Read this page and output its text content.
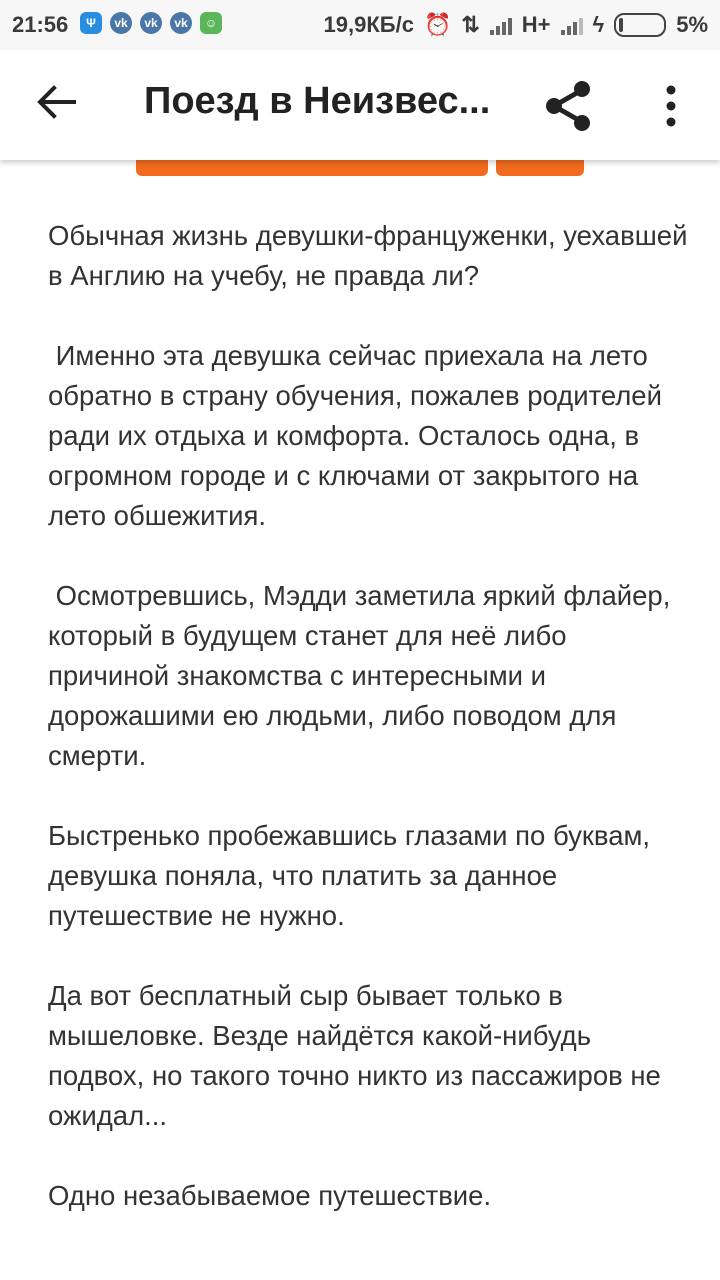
21:56	Ψ	vk	vk	vk	☺	19,9КБ/с ⏰ ⇅ H+ ϟ	5%
Поезд в Неизвес...

Обычная жизнь девушки-француженки, уехавшей в Англию на учебу, не правда ли?

Именно эта девушка сейчас приехала на лето обратно в страну обучения, пожалев родителей ради их отдыха и комфорта. Осталось одна, в огромном городе и с ключами от закрытого на лето обшежития.

Осмотревшись, Мэдди заметила яркий флайер, который в будущем станет для неё либо причиной знакомства с интересными и дорожашими ею людьми, либо поводом для смерти.

Быстренько пробежавшись глазами по буквам, девушка поняла, что платить за данное путешествие не нужно.

Да вот бесплатный сыр бывает только в мышеловке. Везде найдётся какой-нибудь подвох, но такого точно никто из пассажиров не ожидал...

Одно незабываемое путешествие.
